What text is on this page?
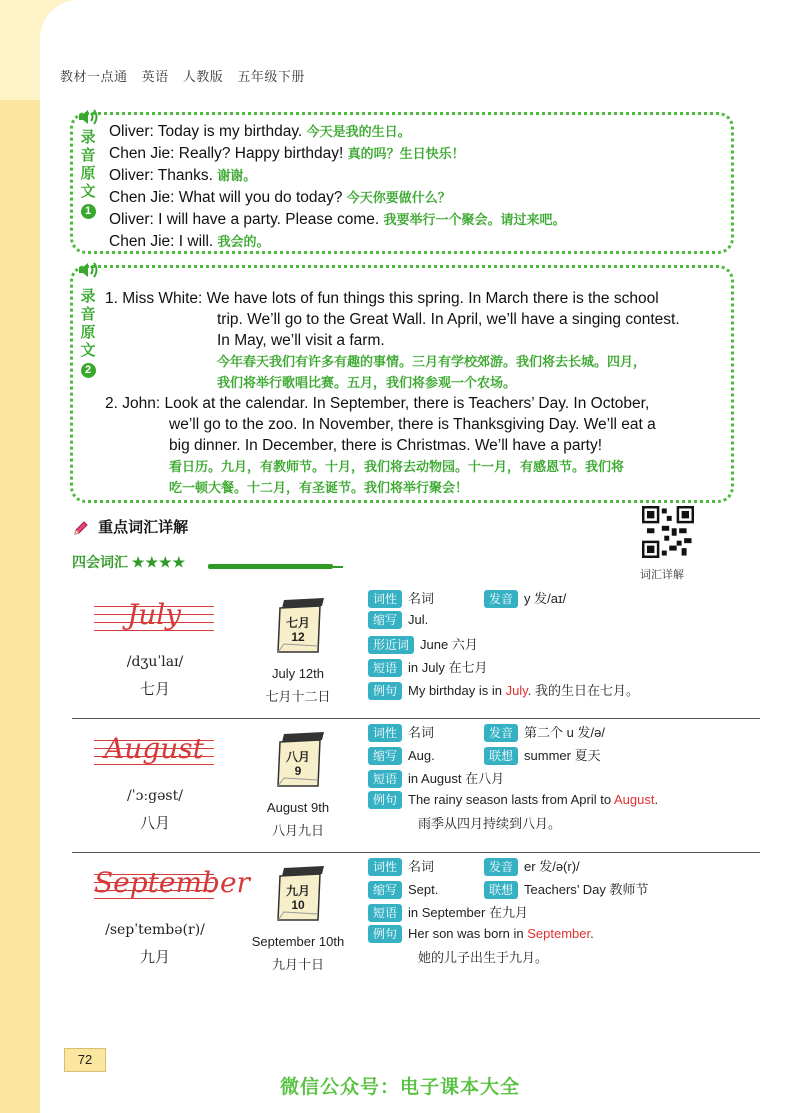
教材一点通 英语 人教版 五年级下册
录
音
原
文
1

Oliver: Today is my birthday. 今天是我的生日。

Chen Jie: Really? Happy birthday! 真的吗？生日快乐！

Oliver: Thanks. 谢谢。

Chen Jie: What will you do today? 今天你要做什么？

Oliver: I will have a party. Please come. 我要举行一个聚会。请过来吧。

Chen Jie: I will. 我会的。

录
音
原
文
2

1. Miss White: We have lots of fun things this spring. In March there is the school

trip. We’ll go to the Great Wall. In April, we’ll have a singing contest.

In May, we’ll visit a farm.

今年春天我们有许多有趣的事情。三月有学校郊游。我们将去长城。四月，

我们将举行歌唱比赛。五月，我们将参观一个农场。

2. John: Look at the calendar. In September, there is Teachers’ Day. In October,

we’ll go to the zoo. In November, there is Thanksgiving Day. We’ll eat a

big dinner. In December, there is Christmas. We’ll have a party!

看日历。九月，有教师节。十月，我们将去动物园。十一月，有感恩节。我们将

吃一顿大餐。十二月，有圣诞节。我们将举行聚会！

重点词汇详解
四会词汇 ★★★★
词汇详解
July
/dʒuˈlaɪ/
七月
七月
12
July 12th
七月十二日
词性 名词	发音 y 发/aɪ/
缩写 Jul.
形近词 June 六月
短语 in July 在七月
例句 My birthday is in July. 我的生日在七月。
August
/ˈɔːgəst/
八月
八月
9
August 9th
八月九日
词性 名词	发音 第二个 u 发/ə/
缩写 Aug.	联想 summer 夏天
短语 in August 在八月
例句 The rainy season lasts from April to August.
雨季从四月持续到八月。
September
/sepˈtembə(r)/
九月
九月
10
September 10th
九月十日
词性 名词	发音 er 发/ə(r)/
缩写 Sept.	联想 Teachers’ Day 教师节
短语 in September 在九月
例句 Her son was born in September.
她的儿子出生于九月。
72
微信公众号：电子课本大全
